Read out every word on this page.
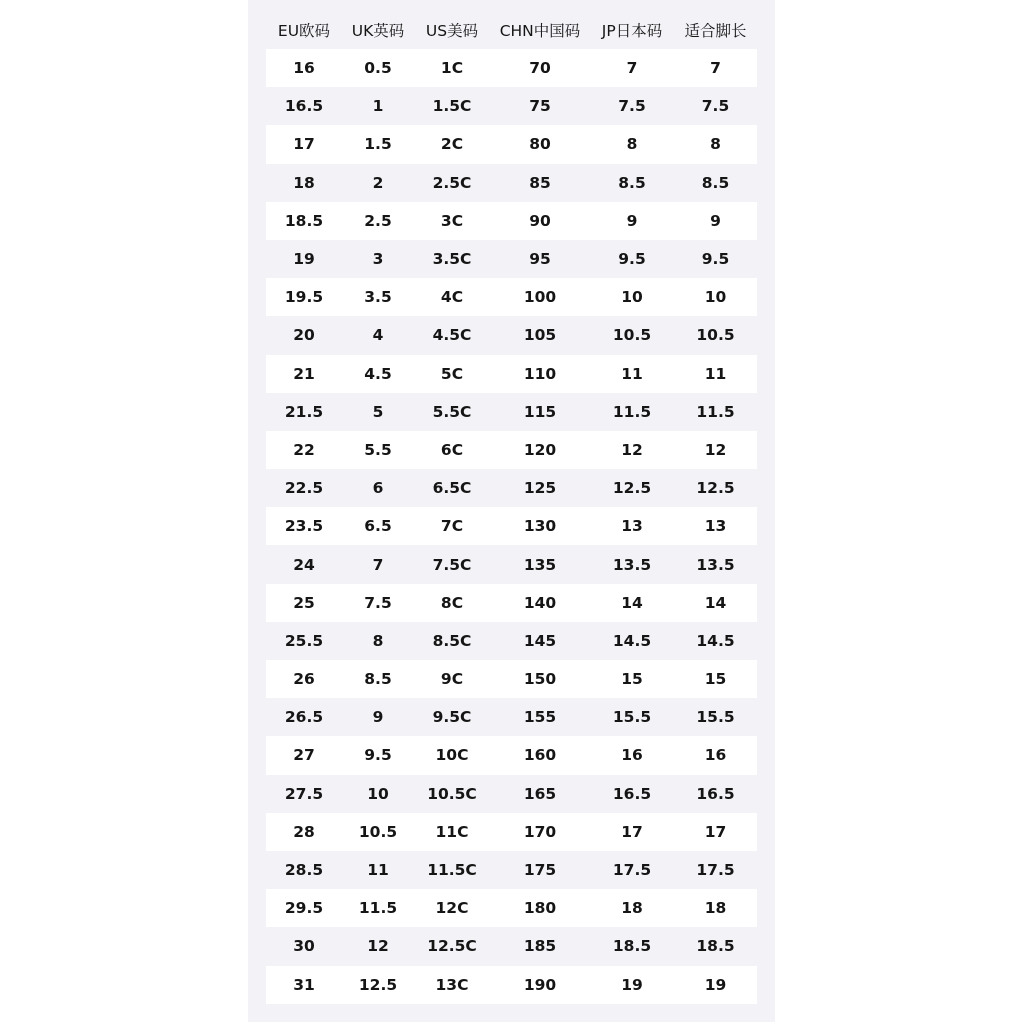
EU欧码	UK英码	US美码	CHN中国码	JP日本码	适合脚长
16	0.5	1C	70	7	7
16.5	1	1.5C	75	7.5	7.5
17	1.5	2C	80	8	8
18	2	2.5C	85	8.5	8.5
18.5	2.5	3C	90	9	9
19	3	3.5C	95	9.5	9.5
19.5	3.5	4C	100	10	10
20	4	4.5C	105	10.5	10.5
21	4.5	5C	110	11	11
21.5	5	5.5C	115	11.5	11.5
22	5.5	6C	120	12	12
22.5	6	6.5C	125	12.5	12.5
23.5	6.5	7C	130	13	13
24	7	7.5C	135	13.5	13.5
25	7.5	8C	140	14	14
25.5	8	8.5C	145	14.5	14.5
26	8.5	9C	150	15	15
26.5	9	9.5C	155	15.5	15.5
27	9.5	10C	160	16	16
27.5	10	10.5C	165	16.5	16.5
28	10.5	11C	170	17	17
28.5	11	11.5C	175	17.5	17.5
29.5	11.5	12C	180	18	18
30	12	12.5C	185	18.5	18.5
31	12.5	13C	190	19	19
